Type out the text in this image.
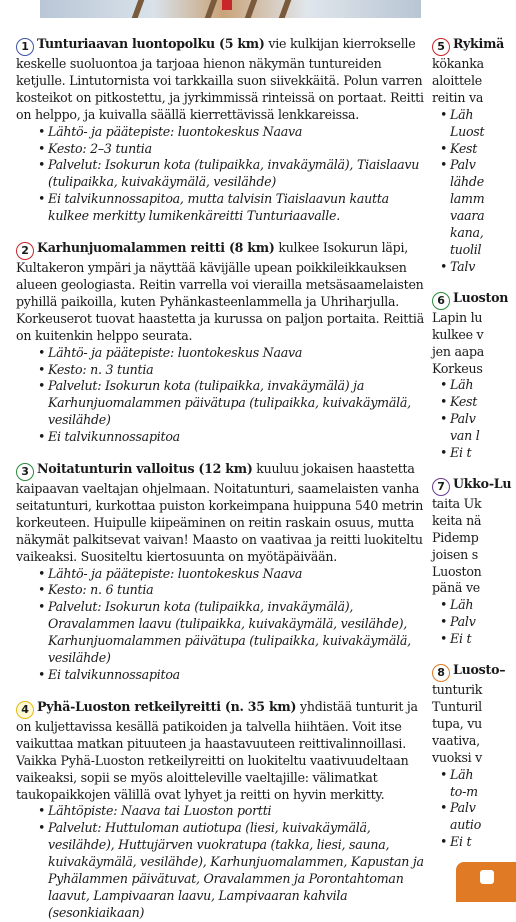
1 Tunturiaavan luontopolku (5 km) vie kulkijan kierrokselle keskelle suoluontoa ja tarjoaa hienon näkymän tuntureiden ketjulle. Lintutornista voi tarkkailla suon siivekkäitä. Polun varren kosteikot on pitkostettu, ja jyrkimmissä rinteissä on portaat. Reitti on helppo, ja kuivalla säällä kierrettävissä lenkkareissa.

• Lähtö- ja päätepiste: luontokeskus Naava
• Kesto: 2–3 tuntia
• Palvelut: Isokurun kota (tulipaikka, invakäymälä), Tiaislaavu (tulipaikka, kuivakäymälä, vesilähde)
• Ei talvikunnossapitoa, mutta talvisin Tiaislaavun kautta kulkee merkitty lumikenkäreitti Tunturiaavalle.

2 Karhunjuomalammen reitti (8 km) kulkee Isokurun läpi, Kultakeron ympäri ja näyttää kävijälle upean poikkileikkauksen alueen geologiasta. Reitin varrella voi vierailla metsäsaamelaisten pyhillä paikoilla, kuten Pyhänkasteenlammella ja Uhriharjulla. Korkeuserot tuovat haastetta ja kurussa on paljon portaita. Reittiä on kuitenkin helppo seurata.

• Lähtö- ja päätepiste: luontokeskus Naava
• Kesto: n. 3 tuntia
• Palvelut: Isokurun kota (tulipaikka, invakäymälä) ja Karhunjuomalammen päivätupa (tulipaikka, kuivakäymälä, vesilähde)
• Ei talvikunnossapitoa

3 Noitatunturin valloitus (12 km) kuuluu jokaisen haastetta kaipaavan vaeltajan ohjelmaan. Noitatunturi, saamelaisten vanha seitatunturi, kurkottaa puiston korkeimpana huippuna 540 metrin korkeuteen. Huipulle kiipeäminen on reitin raskain osuus, mutta näkymät palkitsevat vaivan! Maasto on vaativaa ja reitti luokiteltu vaikeaksi. Suositeltu kiertosuunta on myötäpäivään.

• Lähtö- ja päätepiste: luontokeskus Naava
• Kesto: n. 6 tuntia
• Palvelut: Isokurun kota (tulipaikka, invakäymälä), Oravalammen laavu (tulipaikka, kuivakäymälä, vesilähde), Karhunjuomalammen päivätupa (tulipaikka, kuivakäymälä, vesilähde)
• Ei talvikunnossapitoa

4 Pyhä-Luoston retkeilyreitti (n. 35 km) yhdistää tunturit ja on kuljettavissa kesällä patikoiden ja talvella hiihtäen. Voit itse vaikuttaa matkan pituuteen ja haastavuuteen reittivalinnoillasi. Vaikka Pyhä-Luoston retkeilyreitti on luokiteltu vaativuudeltaan vaikeaksi, sopii se myös aloitteleville vaeltajille: välimatkat taukopaikkojen välillä ovat lyhyet ja reitti on hyvin merkitty.

• Lähtöpiste: Naava tai Luoston portti
• Palvelut: Huttuloman autiotupa (liesi, kuivakäymälä, vesilähde), Huttujärven vuokratupa (takka, liesi, sauna, kuivakäymälä, vesilähde), Karhunjuomalammen, Kapustan ja Pyhälammen päivätuvat, Oravalammen ja Porontahtoman laavut, Lampivaaran laavu, Lampivaaran kahvila (sesonkiaikaan)
5 Rykimä
kökanka
aloittele
reitin va
• Läh
Luost
• Kest
• Palv
lähde
lamm
vaara
kana,
tuolil
• Talv
6 Luoston
Lapin lu
kulkee v
jen aapa
Korkeus
• Läh
• Kest
• Palv
van l
• Ei t
7 Ukko-Lu
taita Uk
keita nä
Pidemp
joisen s
Luoston
pänä ve
• Läh
• Palv
• Ei t
8 Luosto–
tunturik
Tunturil
tupa, vu
vaativa,
vuoksi v
• Läh
to-m
• Palv
autio
• Ei t
